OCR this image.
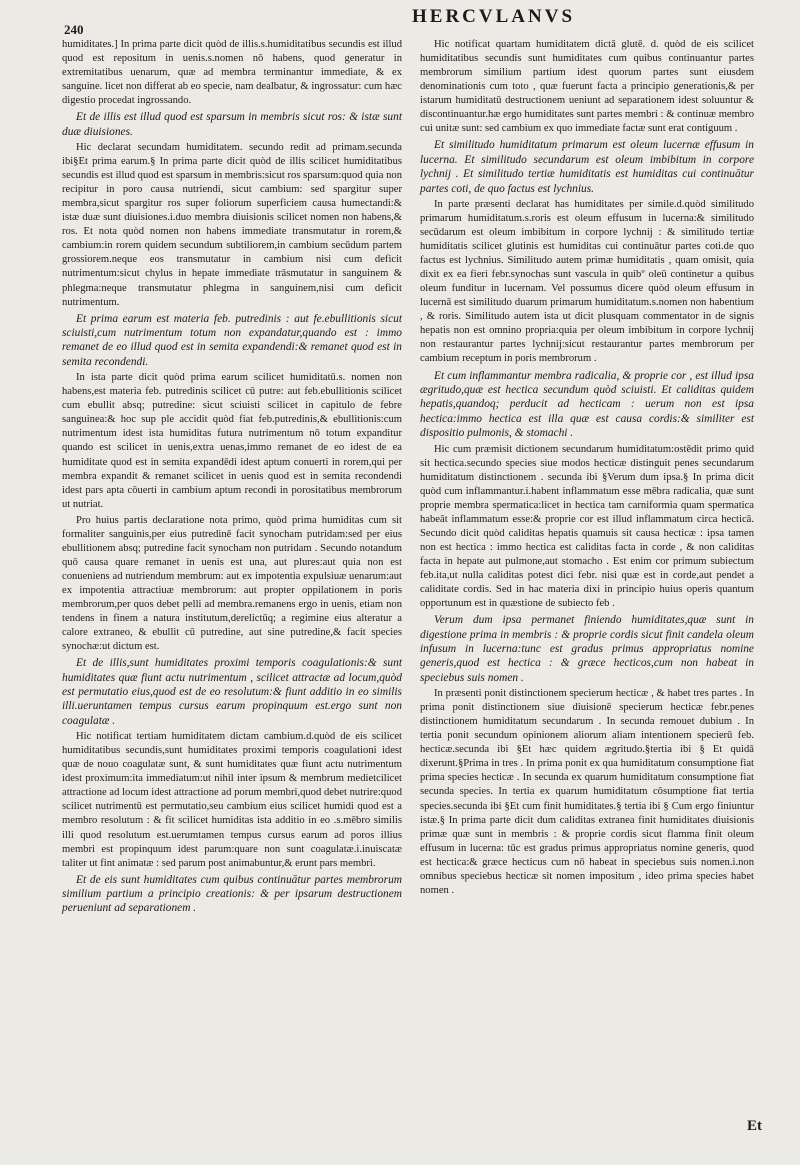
240
HERCVLANVS

humiditates.] In prima parte dicit quòd de illis.s.humiditatibus secundis est illud quod est repositum in uenis.s.nomen nō habens, quod generatur in extremitatibus uenarum, quæ ad membra terminantur immediate, & ex sanguine. licet non differat ab eo specie, nam dealbatur, & ingrossatur: cum hæc digestio procedat ingrossando.

Et de illis est illud quod est sparsum in membris sicut ros: & istæ sunt duæ diuisiones.

Hic declarat secundam humiditatem. secundo redit ad primam.secunda ibi§Et prima earum.§ In prima parte dicit quòd de illis scilicet humiditatibus secundis est illud quod est sparsum in membris:sicut ros sparsum:quod quia non recipitur in poro causa nutriendi, sicut cambium: sed spargitur super membra,sicut spargitur ros super foliorum superficiem causa humectandi:& istæ duæ sunt diuisiones.i.duo membra diuisionis scilicet nomen non habens,& ros. Et nota quòd nomen non habens immediate transmutatur in rorem,& cambium:in rorem quidem secundum subtiliorem,in cambium secūdum partem grossiorem.neque eos transmutatur in cambium nisi cum deficit nutrimentum:sicut chylus in hepate immediate trāsmutatur in sanguinem & phlegma:neque transmutatur phlegma in sanguinem,nisi cum deficit nutrimentum.

Et prima earum est materia feb. putredinis : aut fe.ebullitionis sicut sciuisti,cum nutrimentum totum non expandatur,quando est : immo remanet de eo illud quod est in semita expandendi:& remanet quod est in semita recondendi.

In ista parte dicit quòd prima earum scilicet humiditatū.s. nomen non habens,est materia feb. putredinis scilicet cū putre: aut feb.ebullitionis scilicet cum ebullit absq; putredine: sicut sciuisti scilicet in capitulo de febre sanguinea:& hoc sup ple accidit quòd fiat feb.putredinis,& ebullitionis:cum nutrimentum idest ista humiditas futura nutrimentum nō totum expanditur quando est scilicet in uenis,extra uenas,immo remanet de eo idest de ea humiditate quod est in semita expandēdi idest aptum conuerti in rorem,qui per membra expandit & remanet scilicet in uenis quod est in semita recondendi idest pars apta cōuerti in cambium aptum recondi in porositatibus membrorum ut nutriat.

Pro huius partis declaratione nota primo, quòd prima humiditas cum sit formaliter sanguinis,per eius putredinē facit synocham putridam:sed per eius ebullitionem absq; putredine facit synocham non putridam . Secundo notandum quō causa quare remanet in uenis est una, aut plures:aut quia non est conueniens ad nutriendum membrum: aut ex impotentia expulsiuæ uenarum:aut ex impotentia attractiuæ membrorum: aut propter oppilationem in poris membrorum,per quos debet pelli ad membra.remanens ergo in uenis, etiam non tendens in finem a natura institutum,derelictūq; a regimine eius alteratur a calore extraneo, & ebullit cū putredine, aut sine putredine,& facit species synochæ:ut dictum est.

Et de illis,sunt humiditates proximi temporis coagulationis:& sunt humiditates quæ fiunt actu nutrimentum , scilicet attractæ ad locum,quòd est permutatio eius,quod est de eo resolutum:& fiunt additio in eo similis illi.ueruntamen tempus cursus earum propinquum est.ergo sunt non coagulatæ .

Hic notificat tertiam humiditatem dictam cambium.d.quòd de eis scilicet humiditatibus secundis,sunt humiditates proximi temporis coagulationi idest quæ de nouo coagulatæ sunt, & sunt humiditates quæ fiunt actu nutrimentum idest proximum:ita immediatum:ut nihil inter ipsum & membrum medietcilicet attractione ad locum idest attractione ad porum membri,quod debet nutrire:quod scilicet nutrimentū est permutatio,seu cambium eius scilicet humidi quod est a membro resolutum : & fit scilicet humiditas ista additio in eo .s.mēbro similis illi quod resolutum est.uerumtamen tempus cursus earum ad poros illius membri est propinquum idest parum:quare non sunt coagulatæ.i.inuiscatæ taliter ut fint animatæ : sed parum post animabuntur,& erunt pars membri.

Et de eis sunt humiditates cum quibus continuātur partes membrorum similium partium a principio creationis: & per ipsarum destructionem perueniunt ad separationem .

Hic notificat quartam humiditatem dictā glutē. d. quòd de eis scilicet humiditatibus secundis sunt humiditates cum quibus continuantur partes membrorum similium partium idest quorum partes sunt eiusdem denominationis cum toto , quæ fuerunt facta a principio generationis,& per istarum humiditatū destructionem ueniunt ad separationem idest soluuntur & discontinuantur.hæ ergo humiditates sunt partes membri : & continuæ membro cui unitæ sunt: sed cambium ex quo immediate factæ sunt erat contiguum .

Et similitudo humiditatum primarum est oleum lucernæ effusum in lucerna. Et similitudo secundarum est oleum imbibitum in corpore lychnij . Et similitudo tertiæ humiditatis est humiditas cui continuātur partes coti, de quo factus est lychnius.

In parte præsenti declarat has humiditates per simile.d.quòd similitudo primarum humiditatum.s.roris est oleum effusum in lucerna:& similitudo secūdarum est oleum imbibitum in corpore lychnij : & similitudo tertiæ humiditatis scilicet glutinis est humiditas cui continuātur partes coti.de quo factus est lychnius. Similitudo autem primæ humiditatis , quam omisit, quia dixit ex ea fieri febr.synochas sunt vascula in quibº oleū continetur a quibus oleum funditur in lucernam. Vel possumus dicere quòd oleum effusum in lucernā est similitudo duarum primarum humiditatum.s.nomen non habentium , & roris. Similitudo autem ista ut dicit plusquam commentator in de signis hepatis non est omnino propria:quia per oleum imbibitum in corpore lychnij non restaurantur partes lychnij:sicut restaurantur partes membrorum per cambium receptum in poris membrorum .

Et cum inflammantur membra radicalia, & proprie cor , est illud ipsa ægritudo,quæ est hectica secundum quòd sciuisti. Et caliditas quidem hepatis,quandoq; perducit ad hecticam : uerum non est ipsa hectica:immo hectica est illa quæ est causa cordis:& similiter est dispositio pulmonis, & stomachi .

Hic cum præmisit dictionem secundarum humiditatum:ostēdit primo quid sit hectica.secundo species siue modos hecticæ distinguit penes secundarum humiditatum distinctionem . secunda ibi §Verum dum ipsa.§ In prima dicit quòd cum inflammantur.i.habent inflammatum esse mēbra radicalia, quæ sunt proprie membra spermatica:licet in hectica tam carniformia quam spermatica habeāt inflammatum esse:& proprie cor est illud inflammatum circa hecticā. Secundo dicit quòd caliditas hepatis quamuis sit causa hecticæ : ipsa tamen non est hectica : immo hectica est caliditas facta in corde , & non caliditas facta in hepate aut pulmone,aut stomacho . Est enim cor primum subiectum feb.ita,ut nulla caliditas potest dici febr. nisi quæ est in corde,aut pendet a caliditate cordis. Sed in hac materia dixi in principio huius operis quantum opportunum est in quæstione de subiecto feb .

Verum dum ipsa permanet finiendo humiditates,quæ sunt in digestione prima in membris : & proprie cordis sicut finit candela oleum infusum in lucerna:tunc est gradus primus appropriatus nomine generis,quod est hectica : & græce hecticos,cum non habeat in speciebus suis nomen .

In præsenti ponit distinctionem specierum hecticæ , & habet tres partes . In prima ponit distinctionem siue diuisionē specierum hecticæ febr.penes distinctionem humiditatum secundarum . In secunda remouet dubium . In tertia ponit secundum opinionem aliorum aliam intentionem specierū feb. hecticæ.secunda ibi §Et hæc quidem ægritudo.§tertia ibi § Et quidā dixerunt.§Prima in tres . In prima ponit ex qua humiditatum consumptione fiat prima species hecticæ . In secunda ex quarum humiditatum consumptione fiat secunda species. In tertia ex quarum humiditatum cōsumptione fiat tertia species.secunda ibi §Et cum finit humiditates.§ tertia ibi § Cum ergo finiuntur istæ.§ In prima parte dicit dum caliditas extranea finit humiditates diuisionis primæ quæ sunt in membris : & proprie cordis sicut flamma finit oleum effusum in lucerna: tūc est gradus primus appropriatus nomine generis, quod est hectica:& græce hecticus cum nō habeat in speciebus suis nomen.i.non omnibus speciebus hecticæ sit nomen impositum , ideo prima species habet nomen .

Et
